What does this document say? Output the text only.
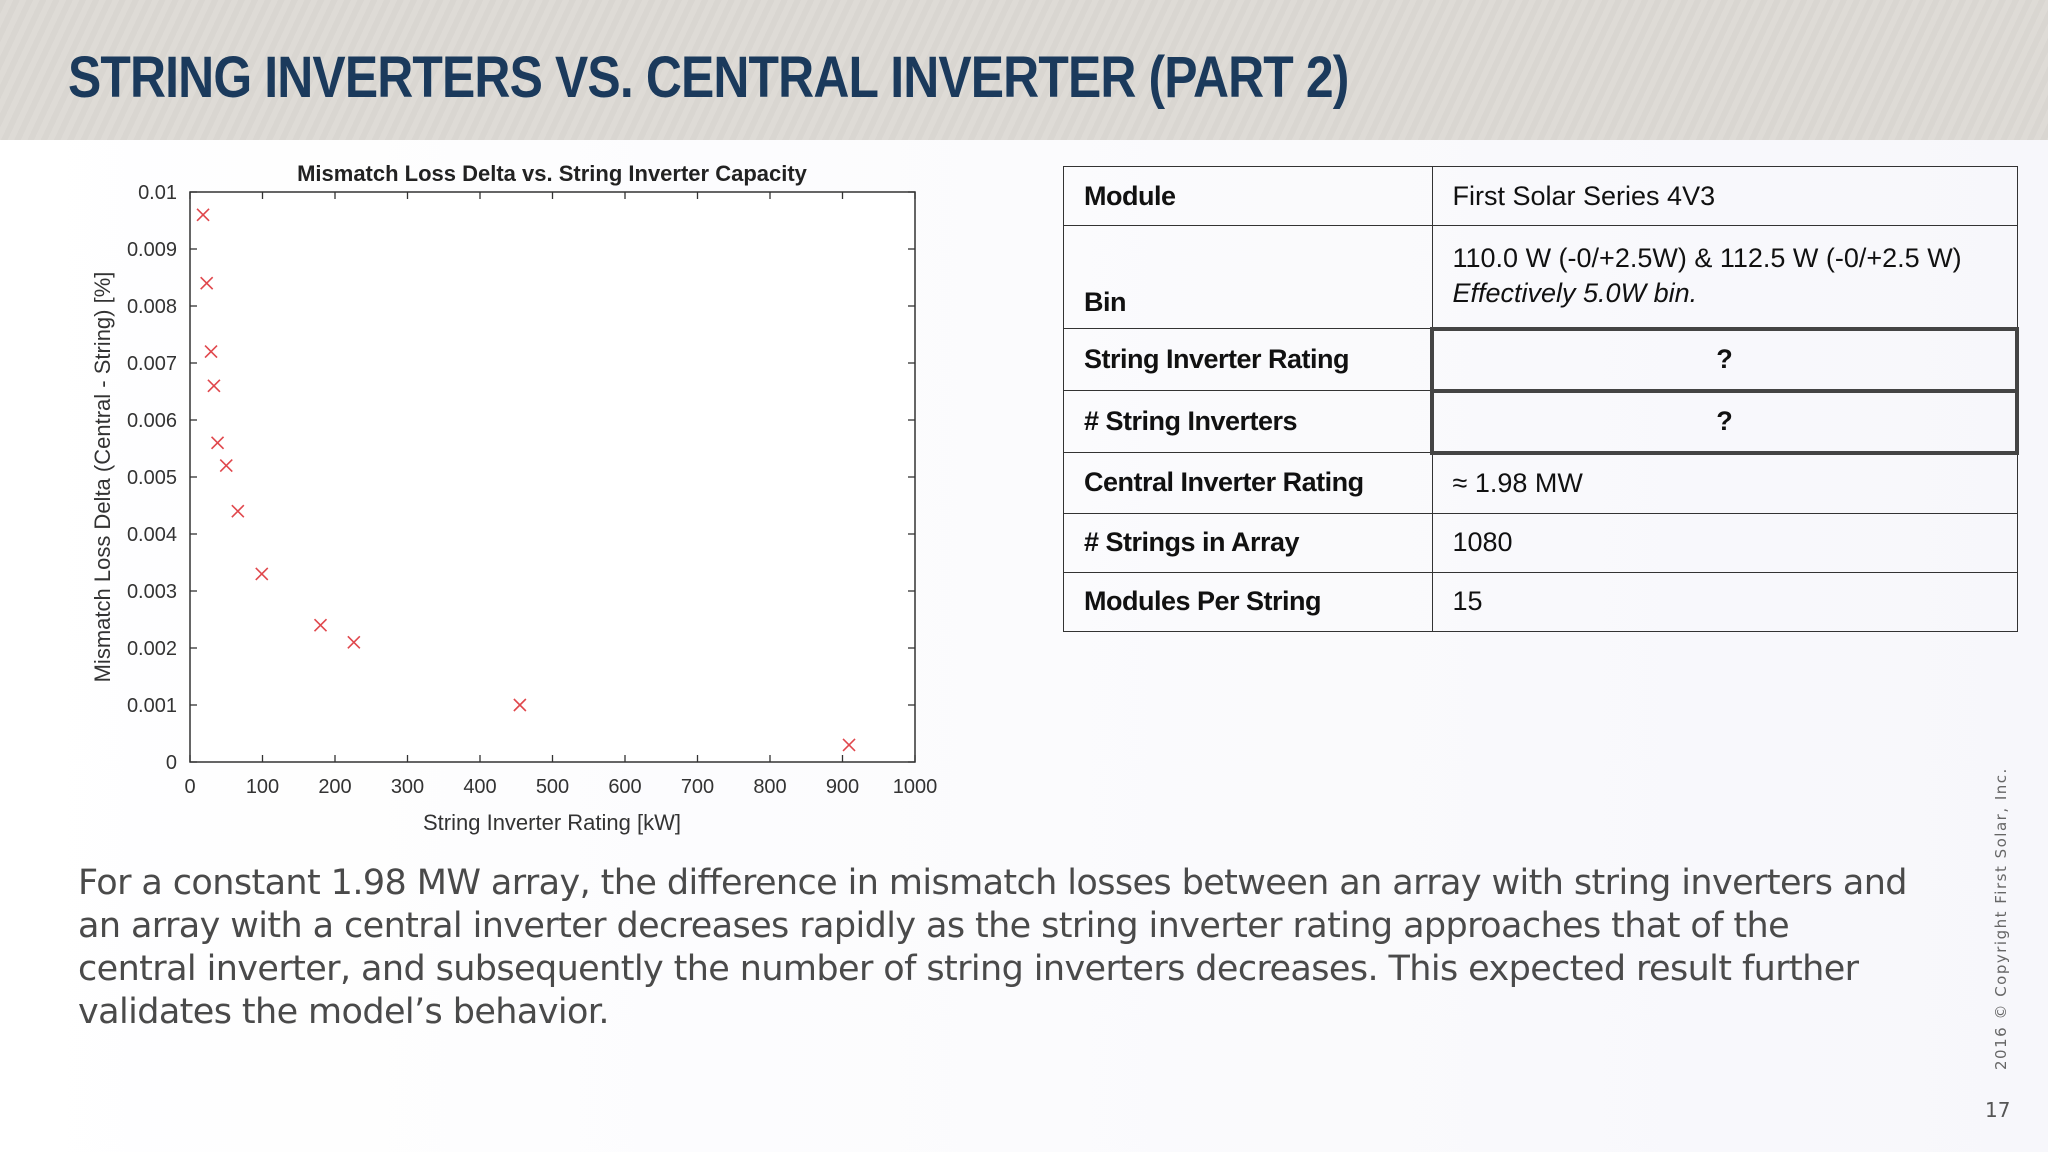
STRING INVERTERS VS. CENTRAL INVERTER (PART 2)
Mismatch Loss Delta vs. String Inverter Capacity
0	100 200 300 400 500 600 700 800 900 1000
0
0.001
0.002
0.003
0.004
0.005
0.006
0.007
0.008
0.009
0.01
String Inverter Rating [kW]
Mismatch Loss Delta (Central - String) [%]
Module	First Solar Series 4V3
Bin	110.0 W (-0/+2.5W) & 112.5 W (-0/+2.5 W)
Effectively 5.0W bin.

String Inverter Rating	?
# String Inverters	?
Central Inverter Rating	≈ 1.98 MW
# Strings in Array	1080
Modules Per String	15
For a constant 1.98 MW array, the difference in mismatch losses between an array with string inverters and an array with a central inverter decreases rapidly as the string inverter rating approaches that of the central inverter, and subsequently the number of string inverters decreases. This expected result further validates the model’s behavior.	2016 © Copyright First Solar, Inc.
17
